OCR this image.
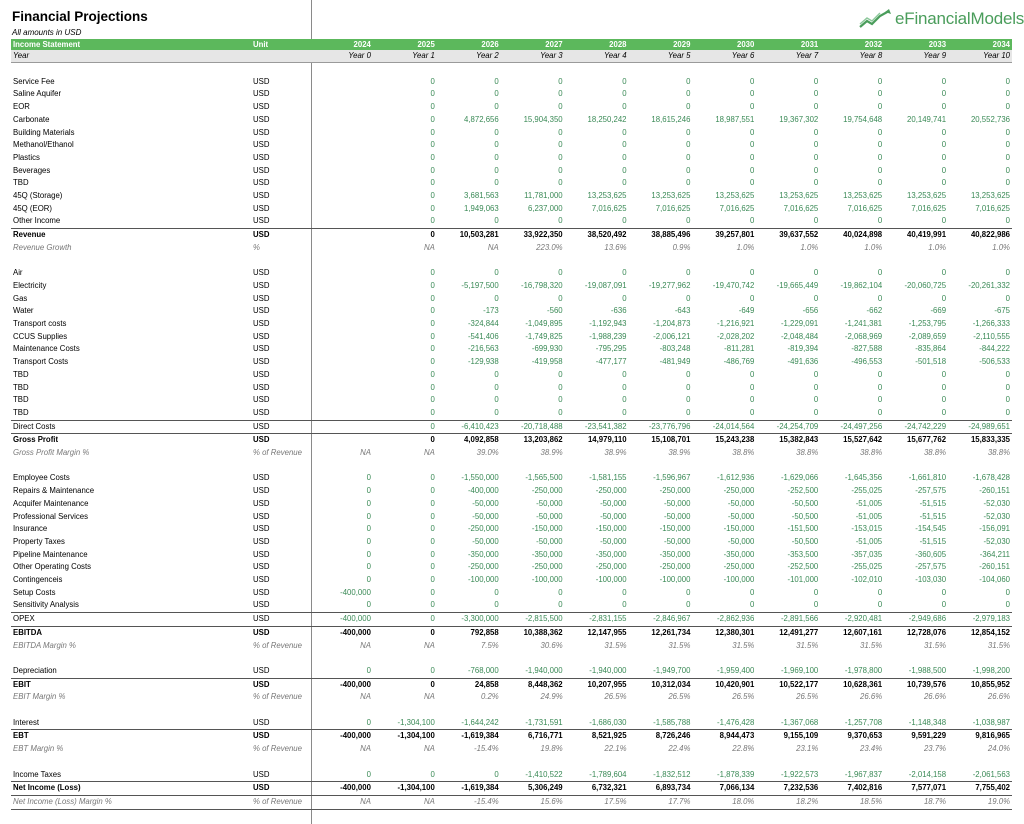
Financial Projections
All amounts in USD
eFinancialModels
Income Statement	Unit	2024	2025	2026	2027	2028	2029	2030	2031	2032	2033	2034
Year		Year 0	Year 1	Year 2	Year 3	Year 4	Year 5	Year 6	Year 7	Year 8	Year 9	Year 10

Service Fee	USD		0	0	0	0	0	0	0	0	0	0
Saline Aquifer	USD		0	0	0	0	0	0	0	0	0	0
EOR	USD		0	0	0	0	0	0	0	0	0	0
Carbonate	USD		0	4,872,656	15,904,350	18,250,242	18,615,246	18,987,551	19,367,302	19,754,648	20,149,741	20,552,736
Building Materials	USD		0	0	0	0	0	0	0	0	0	0
Methanol/Ethanol	USD		0	0	0	0	0	0	0	0	0	0
Plastics	USD		0	0	0	0	0	0	0	0	0	0
Beverages	USD		0	0	0	0	0	0	0	0	0	0
TBD	USD		0	0	0	0	0	0	0	0	0	0
45Q (Storage)	USD		0	3,681,563	11,781,000	13,253,625	13,253,625	13,253,625	13,253,625	13,253,625	13,253,625	13,253,625
45Q (EOR)	USD		0	1,949,063	6,237,000	7,016,625	7,016,625	7,016,625	7,016,625	7,016,625	7,016,625	7,016,625
Other Income	USD		0	0	0	0	0	0	0	0	0	0
Revenue	USD		0	10,503,281	33,922,350	38,520,492	38,885,496	39,257,801	39,637,552	40,024,898	40,419,991	40,822,986
Revenue Growth	%		NA	NA	223.0%	13.6%	0.9%	1.0%	1.0%	1.0%	1.0%	1.0%

Air	USD		0	0	0	0	0	0	0	0	0	0
Electricity	USD		0	-5,197,500	-16,798,320	-19,087,091	-19,277,962	-19,470,742	-19,665,449	-19,862,104	-20,060,725	-20,261,332
Gas	USD		0	0	0	0	0	0	0	0	0	0
Water	USD		0	-173	-560	-636	-643	-649	-656	-662	-669	-675
Transport costs	USD		0	-324,844	-1,049,895	-1,192,943	-1,204,873	-1,216,921	-1,229,091	-1,241,381	-1,253,795	-1,266,333
CCUS Supplies	USD		0	-541,406	-1,749,825	-1,988,239	-2,006,121	-2,028,202	-2,048,484	-2,068,969	-2,089,659	-2,110,555
Maintenance Costs	USD		0	-216,563	-699,930	-795,295	-803,248	-811,281	-819,394	-827,588	-835,864	-844,222
Transport Costs	USD		0	-129,938	-419,958	-477,177	-481,949	-486,769	-491,636	-496,553	-501,518	-506,533
TBD	USD		0	0	0	0	0	0	0	0	0	0
TBD	USD		0	0	0	0	0	0	0	0	0	0
TBD	USD		0	0	0	0	0	0	0	0	0	0
TBD	USD		0	0	0	0	0	0	0	0	0	0
Direct Costs	USD		0	-6,410,423	-20,718,488	-23,541,382	-23,776,796	-24,014,564	-24,254,709	-24,497,256	-24,742,229	-24,989,651
Gross Profit	USD		0	4,092,858	13,203,862	14,979,110	15,108,701	15,243,238	15,382,843	15,527,642	15,677,762	15,833,335
Gross Profit Margin %	% of Revenue	NA	NA	39.0%	38.9%	38.9%	38.9%	38.8%	38.8%	38.8%	38.8%	38.8%

Employee Costs	USD	0	0	-1,550,000	-1,565,500	-1,581,155	-1,596,967	-1,612,936	-1,629,066	-1,645,356	-1,661,810	-1,678,428
Repairs & Maintenance	USD	0	0	-400,000	-250,000	-250,000	-250,000	-250,000	-252,500	-255,025	-257,575	-260,151
Acquifer Maintenance	USD	0	0	-50,000	-50,000	-50,000	-50,000	-50,000	-50,500	-51,005	-51,515	-52,030
Professional Services	USD	0	0	-50,000	-50,000	-50,000	-50,000	-50,000	-50,500	-51,005	-51,515	-52,030
Insurance	USD	0	0	-250,000	-150,000	-150,000	-150,000	-150,000	-151,500	-153,015	-154,545	-156,091
Property Taxes	USD	0	0	-50,000	-50,000	-50,000	-50,000	-50,000	-50,500	-51,005	-51,515	-52,030
Pipeline Maintenance	USD	0	0	-350,000	-350,000	-350,000	-350,000	-350,000	-353,500	-357,035	-360,605	-364,211
Other Operating Costs	USD	0	0	-250,000	-250,000	-250,000	-250,000	-250,000	-252,500	-255,025	-257,575	-260,151
Contingenceis	USD	0	0	-100,000	-100,000	-100,000	-100,000	-100,000	-101,000	-102,010	-103,030	-104,060
Setup Costs	USD	-400,000	0	0	0	0	0	0	0	0	0	0
Sensitivity Analysis	USD	0	0	0	0	0	0	0	0	0	0	0
OPEX	USD	-400,000	0	-3,300,000	-2,815,500	-2,831,155	-2,846,967	-2,862,936	-2,891,566	-2,920,481	-2,949,686	-2,979,183
EBITDA	USD	-400,000	0	792,858	10,388,362	12,147,955	12,261,734	12,380,301	12,491,277	12,607,161	12,728,076	12,854,152
EBITDA Margin %	% of Revenue	NA	NA	7.5%	30.6%	31.5%	31.5%	31.5%	31.5%	31.5%	31.5%	31.5%

Depreciation	USD	0	0	-768,000	-1,940,000	-1,940,000	-1,949,700	-1,959,400	-1,969,100	-1,978,800	-1,988,500	-1,998,200
EBIT	USD	-400,000	0	24,858	8,448,362	10,207,955	10,312,034	10,420,901	10,522,177	10,628,361	10,739,576	10,855,952
EBIT Margin %	% of Revenue	NA	NA	0.2%	24.9%	26.5%	26.5%	26.5%	26.5%	26.6%	26.6%	26.6%

Interest	USD	0	-1,304,100	-1,644,242	-1,731,591	-1,686,030	-1,585,788	-1,476,428	-1,367,068	-1,257,708	-1,148,348	-1,038,987
EBT	USD	-400,000	-1,304,100	-1,619,384	6,716,771	8,521,925	8,726,246	8,944,473	9,155,109	9,370,653	9,591,229	9,816,965
EBT Margin %	% of Revenue	NA	NA	-15.4%	19.8%	22.1%	22.4%	22.8%	23.1%	23.4%	23.7%	24.0%

Income Taxes	USD	0	0	0	-1,410,522	-1,789,604	-1,832,512	-1,878,339	-1,922,573	-1,967,837	-2,014,158	-2,061,563
Net Income (Loss)	USD	-400,000	-1,304,100	-1,619,384	5,306,249	6,732,321	6,893,734	7,066,134	7,232,536	7,402,816	7,577,071	7,755,402
Net Income (Loss) Margin %	% of Revenue	NA	NA	-15.4%	15.6%	17.5%	17.7%	18.0%	18.2%	18.5%	18.7%	19.0%
